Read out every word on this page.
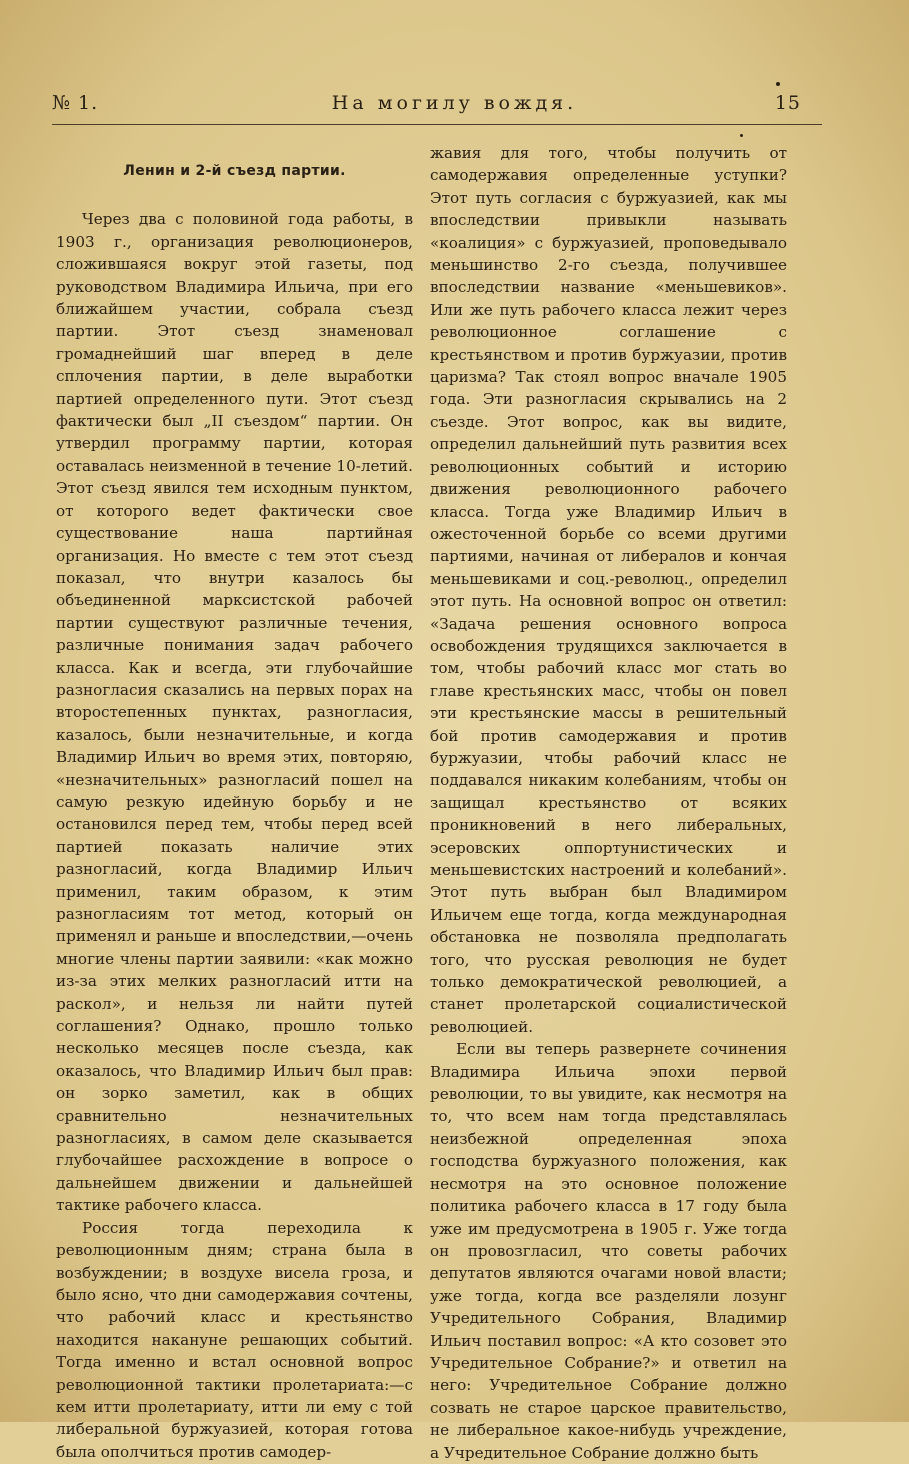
№ 1.	На могилу вождя.	15
Ленин и 2-й съезд партии.

Через два с половиной года работы, в 1903 г., организация революционеров, сложившаяся вокруг этой газеты, под руководством Владимира Ильича, при его ближайшем участии, собрала съезд партии. Этот съезд знаменовал громаднейший шаг вперед в деле сплочения партии, в деле выработки партией определенного пути. Этот съезд фактически был „II съездом“ партии. Он утвердил программу партии, которая оставалась неизменной в течение 10-летий. Этот съезд явился тем исходным пунктом, от которого ведет фактически свое существование наша партийная организация. Но вместе с тем этот съезд показал, что внутри казалось бы объединенной марксистской рабочей партии существуют различные течения, различные понимания задач рабочего класса. Как и всегда, эти глубочайшие разногласия сказались на первых порах на второстепенных пунктах, разногласия, казалось, были незначительные, и когда Владимир Ильич во время этих, повторяю, «незначительных» разногласий пошел на самую резкую идейную борьбу и не остановился перед тем, чтобы перед всей партией показать наличие этих разногласий, когда Владимир Ильич применил, таким образом, к этим разногласиям тот метод, который он применял и раньше и впоследствии,—очень многие члены партии заявили: «как можно из-за этих мелких разногласий итти на раскол», и нельзя ли найти путей соглашения? Однако, прошло только несколько месяцев после съезда, как оказалось, что Владимир Ильич был прав: он зорко заметил, как в общих сравнительно незначительных разногласиях, в самом деле сказывается глубочайшее расхождение в вопросе о дальнейшем движении и дальнейшей тактике рабочего класса.

Россия тогда переходила к революционным дням; страна была в возбуждении; в воздухе висела гроза, и было ясно, что дни самодержавия сочтены, что рабочий класс и крестьянство находится накануне решающих событий. Тогда именно и встал основной вопрос революционной тактики пролетариата:—с кем итти пролетариату, итти ли ему с той либеральной буржуазией, которая готова была ополчиться против самодер-

жавия для того, чтобы получить от самодержавия определенные уступки? Этот путь согласия с буржуазией, как мы впоследствии привыкли называть «коалиция» с буржуазией, проповедывало меньшинство 2-го съезда, получившее впоследствии название «меньшевиков». Или же путь рабочего класса лежит через революционное соглашение с крестьянством и против буржуазии, против царизма? Так стоял вопрос вначале 1905 года. Эти разногласия скрывались на 2 съезде. Этот вопрос, как вы видите, определил дальнейший путь развития всех революционных событий и историю движения революционного рабочего класса. Тогда уже Владимир Ильич в ожесточенной борьбе со всеми другими партиями, начиная от либералов и кончая меньшевиками и соц.-революц., определил этот путь. На основной вопрос он ответил: «Задача решения основного вопроса освобождения трудящихся заключается в том, чтобы рабочий класс мог стать во главе крестьянских масс, чтобы он повел эти крестьянские массы в решительный бой против самодержавия и против буржуазии, чтобы рабочий класс не поддавался никаким колебаниям, чтобы он защищал крестьянство от всяких проникновений в него либеральных, эсеровских оппортунистических и меньшевистских настроений и колебаний». Этот путь выбран был Владимиром Ильичем еще тогда, когда международная обстановка не позволяла предполагать того, что русская революция не будет только демократической революцией, а станет пролетарской социалистической революцией.

Если вы теперь развернете сочинения Владимира Ильича эпохи первой революции, то вы увидите, как несмотря на то, что всем нам тогда представлялась неизбежной определенная эпоха господства буржуазного положения, как несмотря на это основное положение политика рабочего класса в 17 году была уже им предусмотрена в 1905 г. Уже тогда он провозгласил, что советы рабочих депутатов являются очагами новой власти; уже тогда, когда все разделяли лозунг Учредительного Собрания, Владимир Ильич поставил вопрос: «А кто созовет это Учредительное Собрание?» и ответил на него: Учредительное Собрание должно созвать не старое царское правительство, не либеральное какое-нибудь учреждение, а Учредительное Собрание должно быть
